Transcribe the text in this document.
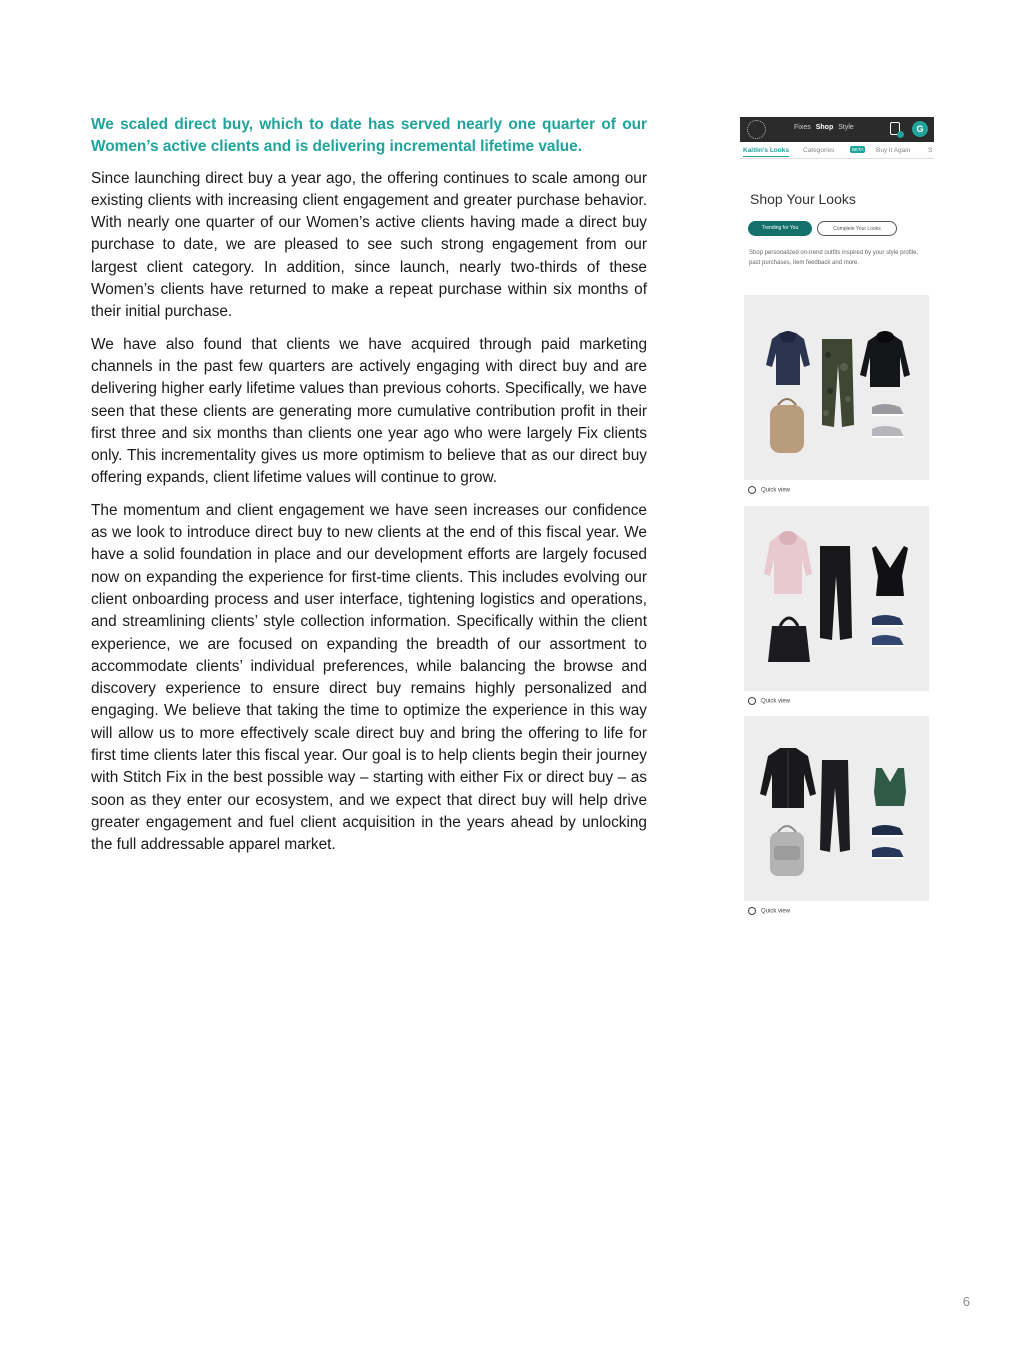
We scaled direct buy, which to date has served nearly one quarter of our Women’s active clients and is delivering incremental lifetime value.

Since launching direct buy a year ago, the offering continues to scale among our existing clients with increasing client engagement and greater purchase behavior. With nearly one quarter of our Women’s active clients having made a direct buy purchase to date, we are pleased to see such strong engagement from our largest client category. In addition, since launch, nearly two-thirds of these Women’s clients have returned to make a repeat purchase within six months of their initial purchase.

We have also found that clients we have acquired through paid marketing channels in the past few quarters are actively engaging with direct buy and are delivering higher early lifetime values than previous cohorts. Specifically, we have seen that these clients are generating more cumulative contribution profit in their first three and six months than clients one year ago who were largely Fix clients only. This incrementality gives us more optimism to believe that as our direct buy offering expands, client lifetime values will continue to grow.

The momentum and client engagement we have seen increases our confidence as we look to introduce direct buy to new clients at the end of this fiscal year. We have a solid foundation in place and our development efforts are largely focused now on expanding the experience for first-time clients. This includes evolving our client onboarding process and user interface, tightening logistics and operations, and streamlining clients’ style collection information. Specifically within the client experience, we are focused on expanding the breadth of our assortment to accommodate clients’ individual preferences, while balancing the browse and discovery experience to ensure direct buy remains highly personalized and engaging. We believe that taking the time to optimize the experience in this way will allow us to more effectively scale direct buy and bring the offering to life for first time clients later this fiscal year. Our goal is to help clients begin their journey with Stitch Fix in the best possible way – starting with either Fix or direct buy – as soon as they enter our ecosystem, and we expect that direct buy will help drive greater engagement and fuel client acquisition in the years ahead by unlocking the full addressable apparel market.

Fixes Shop Style	G
Kaitlin's Looks Categories	BETA	Buy it Again	S
Shop Your Looks
Trending for You	Complete Your Looks
Shop personalized on-trend outfits inspired by your style profile, past purchases, item feedback and more.
Quick view
Quick view
Quick view
6
